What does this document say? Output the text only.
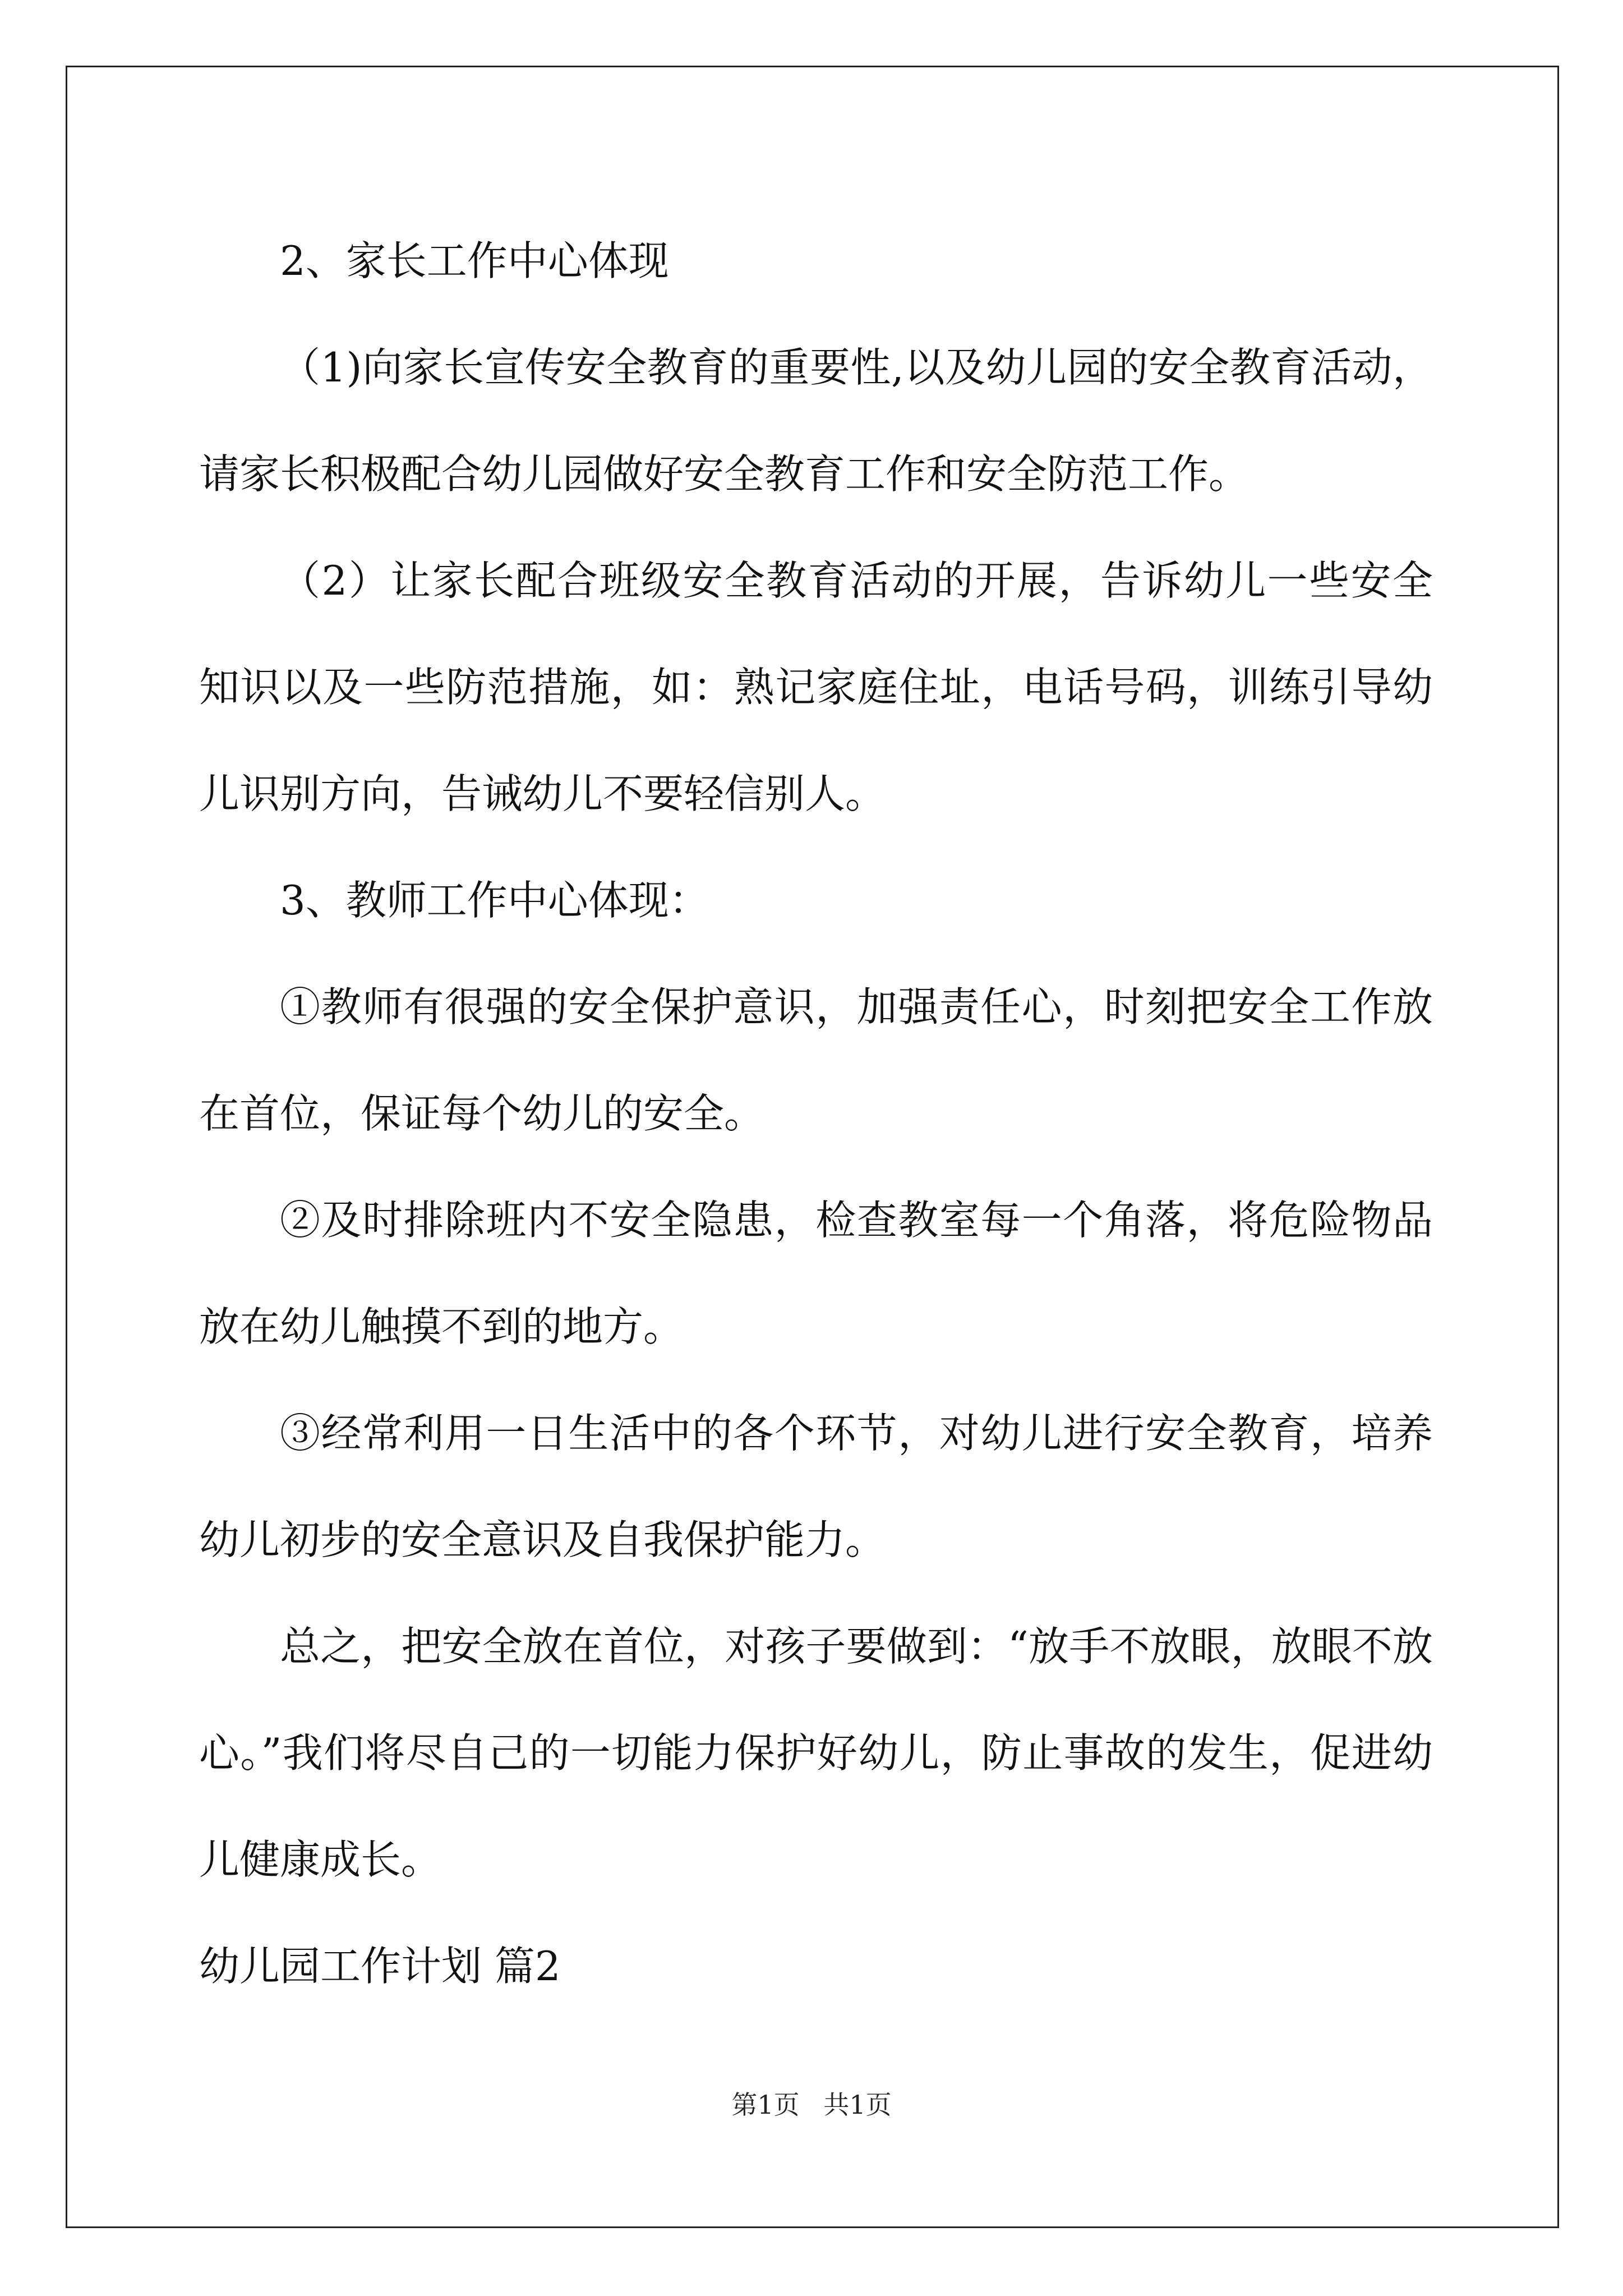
2、家长工作中心体现

（1)向家长宣传安全教育的重要性,以及幼儿园的安全教育活动，请家长积极配合幼儿园做好安全教育工作和安全防范工作。

（2）让家长配合班级安全教育活动的开展，告诉幼儿一些安全知识以及一些防范措施，如：熟记家庭住址，电话号码，训练引导幼儿识别方向，告诫幼儿不要轻信别人。

3、教师工作中心体现：

①教师有很强的安全保护意识，加强责任心，时刻把安全工作放在首位，保证每个幼儿的安全。

②及时排除班内不安全隐患，检查教室每一个角落，将危险物品放在幼儿触摸不到的地方。

③经常利用一日生活中的各个环节，对幼儿进行安全教育，培养幼儿初步的安全意识及自我保护能力。

总之，把安全放在首位，对孩子要做到：“放手不放眼，放眼不放心。”我们将尽自己的一切能力保护好幼儿，防止事故的发生，促进幼儿健康成长。

幼儿园工作计划 篇2

第1页 共1页
